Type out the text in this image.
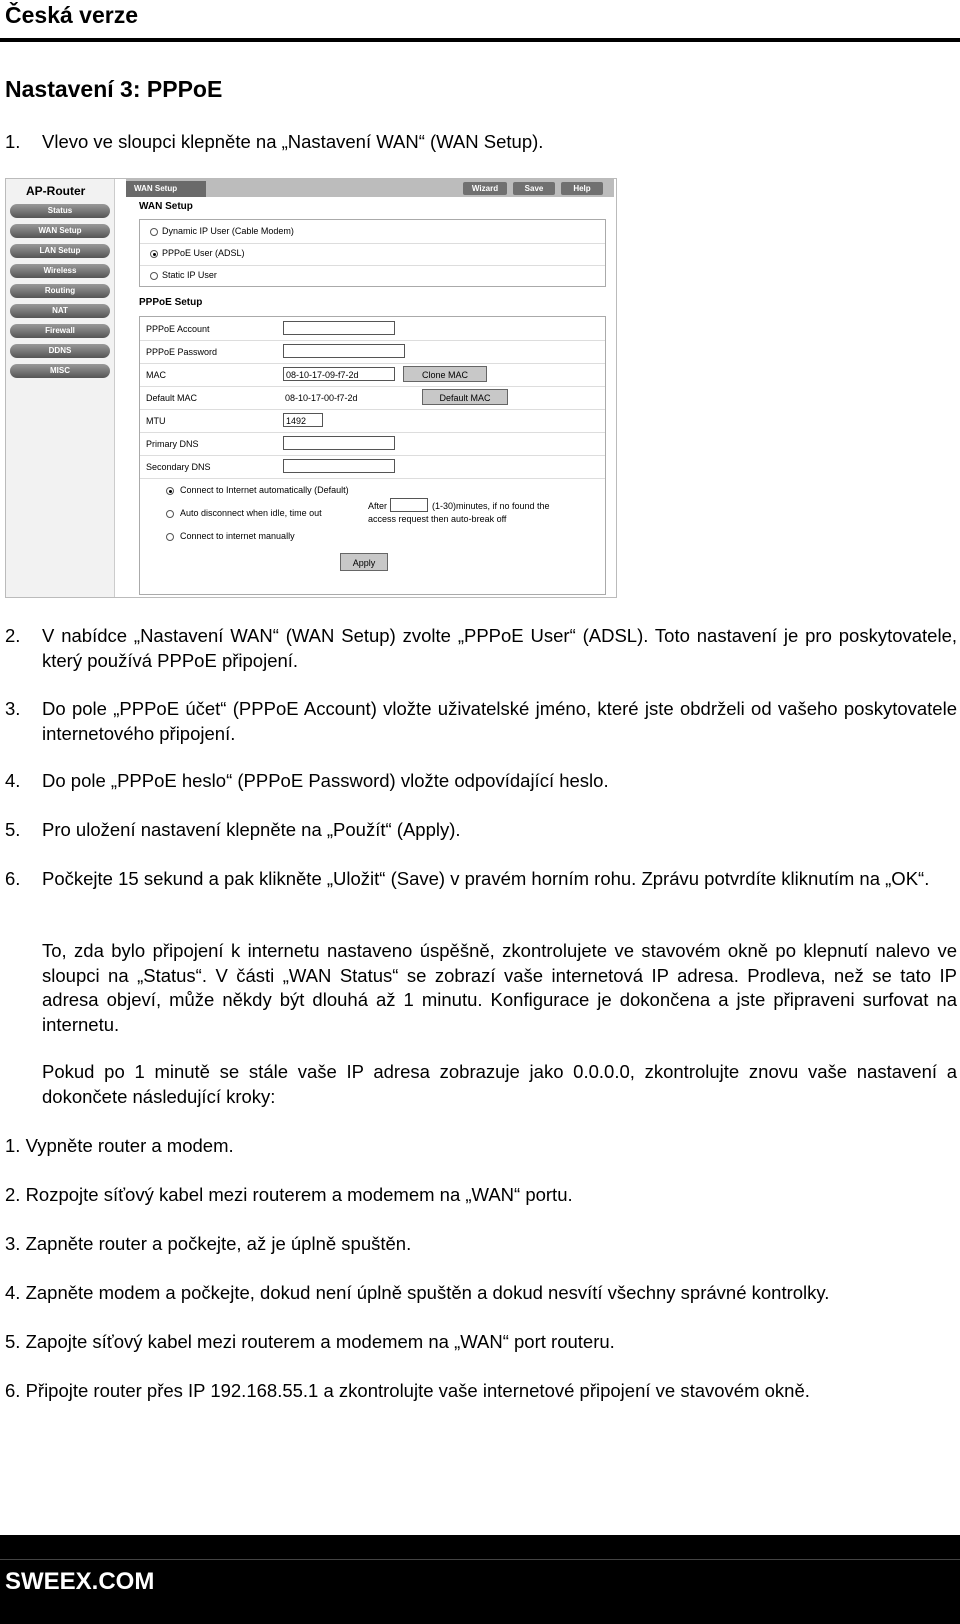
Česká verze
Nastavení 3: PPPoE
1. Vlevo ve sloupci klepněte na „Nastavení WAN“ (WAN Setup).
AP-Router
Status
WAN Setup
LAN Setup
Wireless
Routing
NAT
Firewall
DDNS
MISC
WAN Setup	Wizard	Save	Help
WAN Setup
Dynamic IP User (Cable Modem)
PPPoE User (ADSL)
Static IP User
PPPoE Setup
PPPoE Account
PPPoE Password
MAC	08-10-17-09-f7-2d	Clone MAC
Default MAC	08-10-17-00-f7-2d	Default MAC
MTU	1492
Primary DNS
Secondary DNS
Connect to Internet automatically (Default)
Auto disconnect when idle, time out
After	(1-30)minutes, if no found the
access request then auto-break off
Connect to internet manually
Apply
2. V nabídce „Nastavení WAN“ (WAN Setup) zvolte „PPPoE User“ (ADSL). Toto nastavení je pro poskytovatele, který používá PPPoE připojení.
3. Do pole „PPPoE účet“ (PPPoE Account) vložte uživatelské jméno, které jste obdrželi od vašeho poskytovatele internetového připojení.
4. Do pole „PPPoE heslo“ (PPPoE Password) vložte odpovídající heslo.
5. Pro uložení nastavení klepněte na „Použít“ (Apply).
6. Počkejte 15 sekund a pak klikněte „Uložit“ (Save) v pravém horním rohu. Zprávu potvrdíte kliknutím na „OK“.
To, zda bylo připojení k internetu nastaveno úspěšně, zkontrolujete ve stavovém okně po klepnutí nalevo ve sloupci na „Status“. V části „WAN Status“ se zobrazí vaše internetová IP adresa. Prodleva, než se tato IP adresa objeví, může někdy být dlouhá až 1 minutu. Konfigurace je dokončena a jste připraveni surfovat na internetu.
Pokud po 1 minutě se stále vaše IP adresa zobrazuje jako 0.0.0.0, zkontrolujte znovu vaše nastavení a dokončete následující kroky:
1. Vypněte router a modem.
2. Rozpojte síťový kabel mezi routerem a modemem na „WAN“ portu.
3. Zapněte router a počkejte, až je úplně spuštěn.
4. Zapněte modem a počkejte, dokud není úplně spuštěn a dokud nesvítí všechny správné kontrolky.
5. Zapojte síťový kabel mezi routerem a modemem na „WAN“ port routeru.
6. Připojte router přes IP 192.168.55.1 a zkontrolujte vaše internetové připojení ve stavovém okně.
SWEEX.COM
